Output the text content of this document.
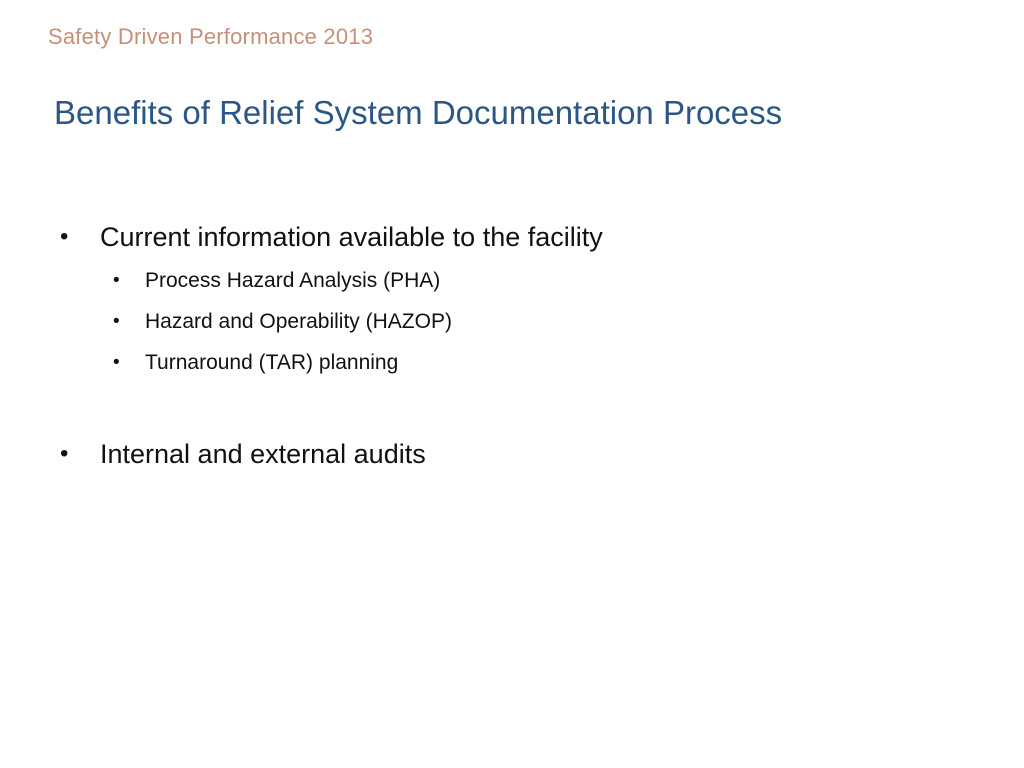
Safety Driven Performance 2013
Benefits of Relief System Documentation Process
• Current information available to the facility
• Process Hazard Analysis (PHA)
• Hazard and Operability (HAZOP)
• Turnaround (TAR) planning
• Internal and external audits
